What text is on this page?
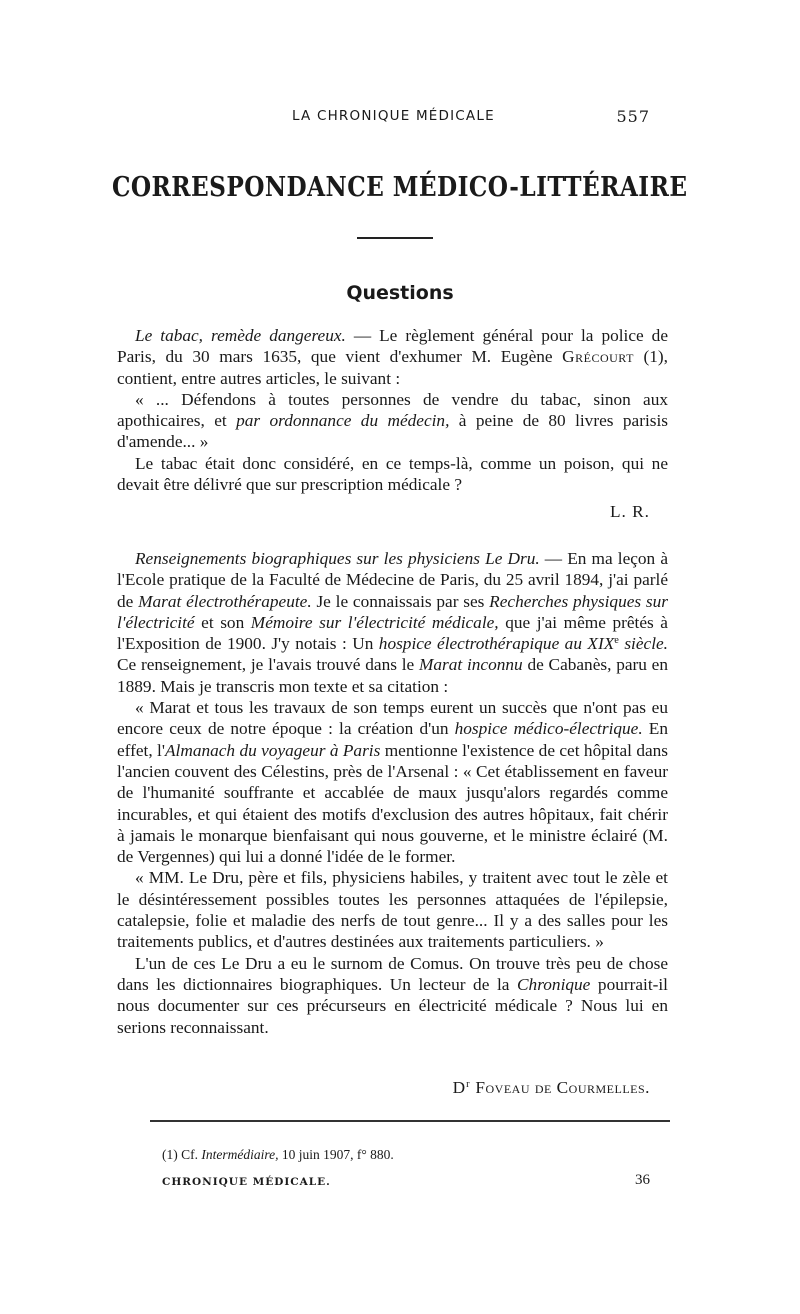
LA CHRONIQUE MÉDICALE	557
CORRESPONDANCE MÉDICO-LITTÉRAIRE
Questions

Le tabac, remède dangereux. — Le règlement général pour la police de Paris, du 30 mars 1635, que vient d'exhumer M. Eugène Grécourt (1), contient, entre autres articles, le suivant :

« ... Défendons à toutes personnes de vendre du tabac, sinon aux apothicaires, et par ordonnance du médecin, à peine de 80 livres parisis d'amende... »

Le tabac était donc considéré, en ce temps-là, comme un poison, qui ne devait être délivré que sur prescription médicale ?

L. R.

Renseignements biographiques sur les physiciens Le Dru. — En ma leçon à l'Ecole pratique de la Faculté de Médecine de Paris, du 25 avril 1894, j'ai parlé de Marat électrothérapeute. Je le connaissais par ses Recherches physiques sur l'électricité et son Mémoire sur l'électricité médicale, que j'ai même prêtés à l'Exposition de 1900. J'y notais : Un hospice électrothérapique au XIXe siècle. Ce renseignement, je l'avais trouvé dans le Marat inconnu de Cabanès, paru en 1889. Mais je transcris mon texte et sa citation :

« Marat et tous les travaux de son temps eurent un succès que n'ont pas eu encore ceux de notre époque : la création d'un hospice médico-électrique. En effet, l'Almanach du voyageur à Paris mentionne l'existence de cet hôpital dans l'ancien couvent des Célestins, près de l'Arsenal : « Cet établissement en faveur de l'humanité souffrante et accablée de maux jusqu'alors regardés comme incurables, et qui étaient des motifs d'exclusion des autres hôpitaux, fait chérir à jamais le monarque bienfaisant qui nous gouverne, et le ministre éclairé (M. de Vergennes) qui lui a donné l'idée de le former.

« MM. Le Dru, père et fils, physiciens habiles, y traitent avec tout le zèle et le désintéressement possibles toutes les personnes attaquées de l'épilepsie, catalepsie, folie et maladie des nerfs de tout genre... Il y a des salles pour les traitements publics, et d'autres destinées aux traitements particuliers. »

L'un de ces Le Dru a eu le surnom de Comus. On trouve très peu de chose dans les dictionnaires biographiques. Un lecteur de la Chronique pourrait-il nous documenter sur ces précurseurs en électricité médicale ? Nous lui en serions reconnaissant.

$D^r$ Foveau de Courmelles.
(1) Cf. Intermédiaire, 10 juin 1907, f° 880.
CHRONIQUE MÉDICALE.	36
